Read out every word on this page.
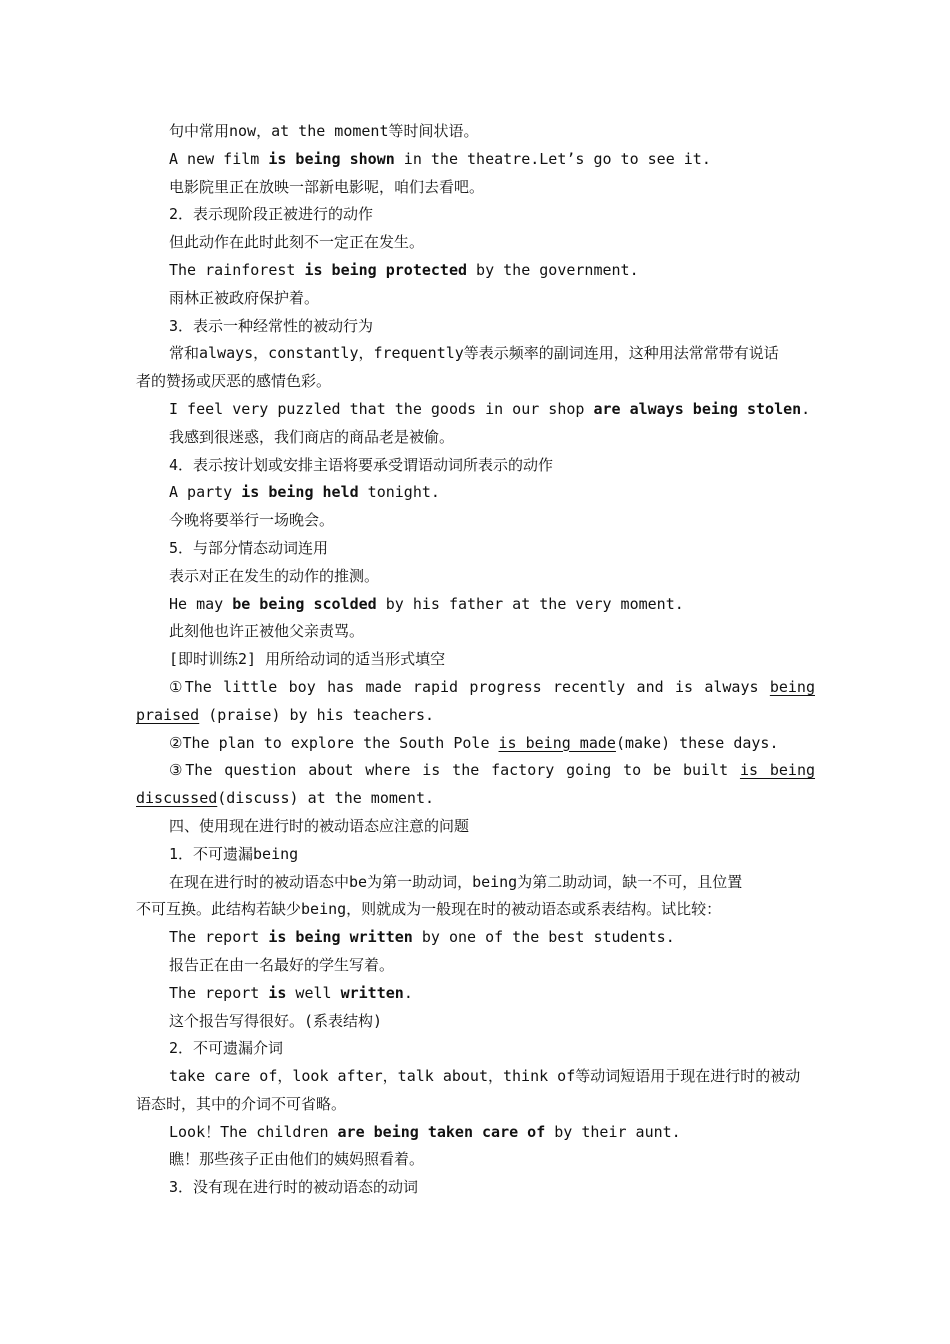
句中常用now，at the moment等时间状语。
A new film is being shown in the theatre.Let’s go to see it.
电影院里正在放映一部新电影呢，咱们去看吧。
2．表示现阶段正被进行的动作
但此动作在此时此刻不一定正在发生。
The rainforest is being protected by the government.
雨林正被政府保护着。
3．表示一种经常性的被动行为
常和always，constantly，frequently等表示频率的副词连用，这种用法常常带有说话
者的赞扬或厌恶的感情色彩。
I feel very puzzled that the goods in our shop are always being stolen.
我感到很迷惑，我们商店的商品老是被偷。
4．表示按计划或安排主语将要承受谓语动词所表示的动作
A party is being held tonight.
今晚将要举行一场晚会。
5．与部分情态动词连用
表示对正在发生的动作的推测。
He may be being scolded by his father at the very moment.
此刻他也许正被他父亲责骂。
[即时训练2] 用所给动词的适当形式填空
①The little boy has made rapid progress recently and is always being
praised (praise) by his teachers.
②The plan to explore the South Pole is being made(make) these days.
③The question about where is the factory going to be built is being
discussed(discuss) at the moment.
四、使用现在进行时的被动语态应注意的问题
1．不可遗漏being
在现在进行时的被动语态中be为第一助动词，being为第二助动词，缺一不可，且位置
不可互换。此结构若缺少being，则就成为一般现在时的被动语态或系表结构。试比较：
The report is being written by one of the best students.
报告正在由一名最好的学生写着。
The report is well written.
这个报告写得很好。(系表结构)
2．不可遗漏介词
take care of，look after，talk about，think of等动词短语用于现在进行时的被动
语态时，其中的介词不可省略。
Look！The children are being taken care of by their aunt.
瞧！那些孩子正由他们的姨妈照看着。
3．没有现在进行时的被动语态的动词
